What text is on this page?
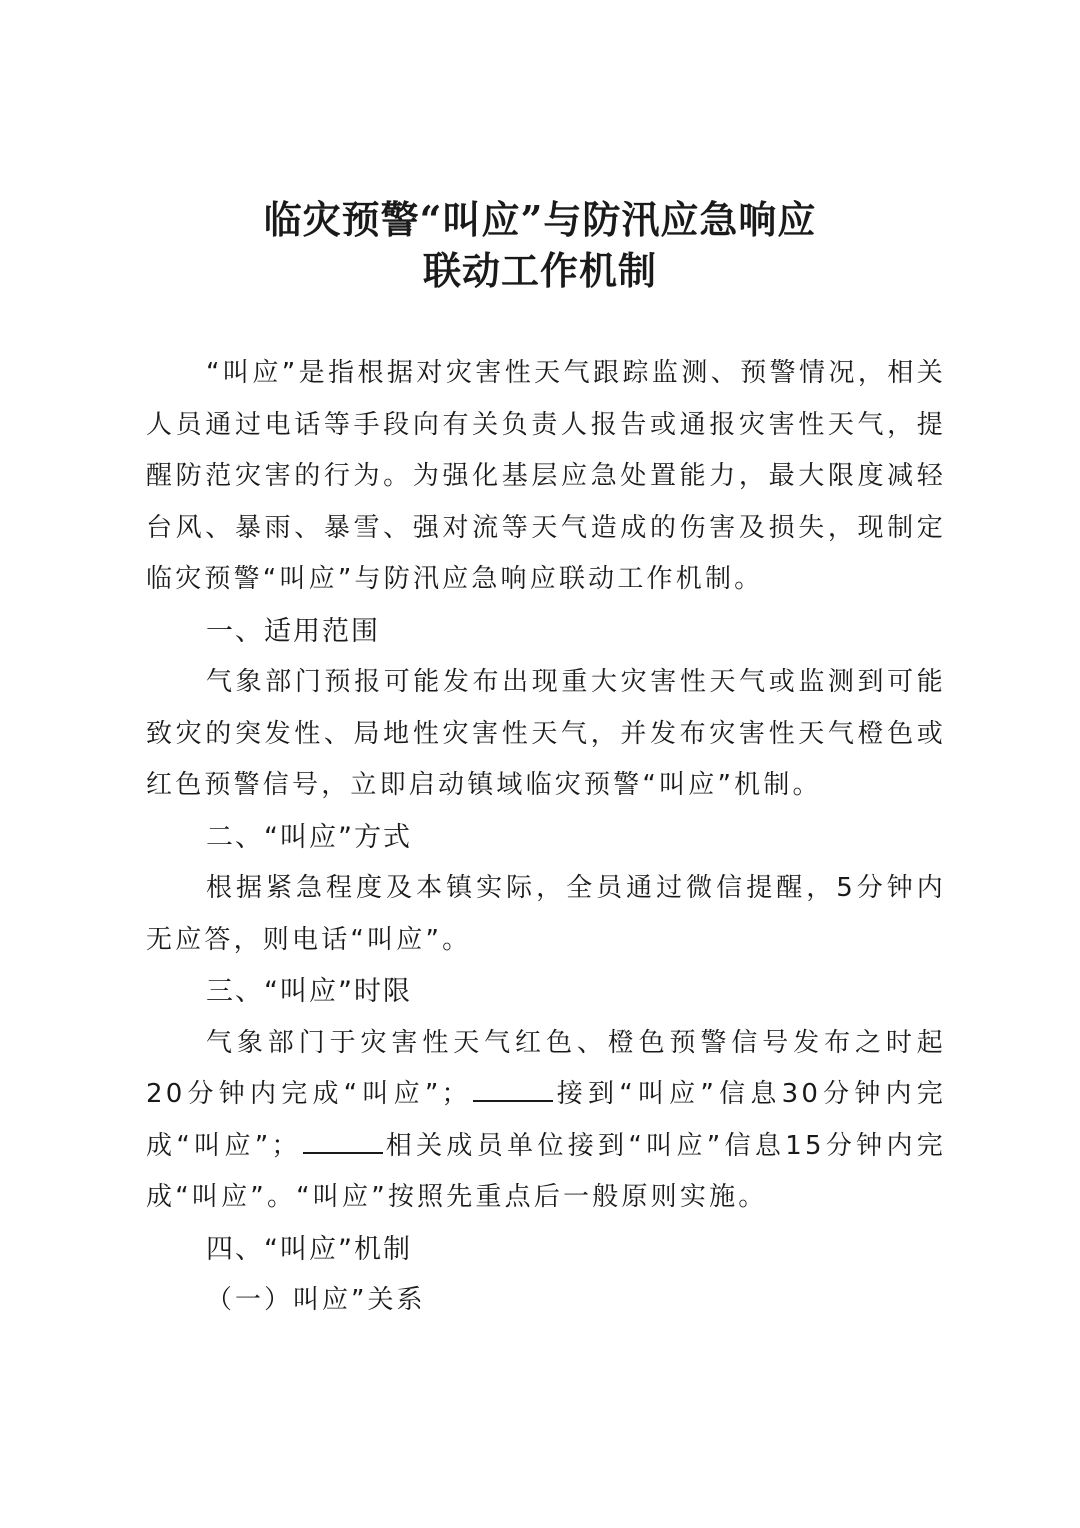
临灾预警“叫应”与防汛应急响应
联动工作机制

“叫应”是指根据对灾害性天气跟踪监测、预警情况，相关人员通过电话等手段向有关负责人报告或通报灾害性天气，提醒防范灾害的行为。为强化基层应急处置能力，最大限度减轻台风、暴雨、暴雪、强对流等天气造成的伤害及损失，现制定临灾预警“叫应”与防汛应急响应联动工作机制。

一、适用范围

气象部门预报可能发布出现重大灾害性天气或监测到可能致灾的突发性、局地性灾害性天气，并发布灾害性天气橙色或红色预警信号，立即启动镇域临灾预警“叫应”机制。

二、“叫应”方式

根据紧急程度及本镇实际，全员通过微信提醒，5分钟内无应答，则电话“叫应”。

三、“叫应”时限

气象部门于灾害性天气红色、橙色预警信号发布之时起20分钟内完成“叫应”；	接到“叫应”信息30分钟内完成“叫应”；	相关成员单位接到“叫应”信息15分钟内完成“叫应”。“叫应”按照先重点后一般原则实施。

四、“叫应”机制

（一）叫应”关系
